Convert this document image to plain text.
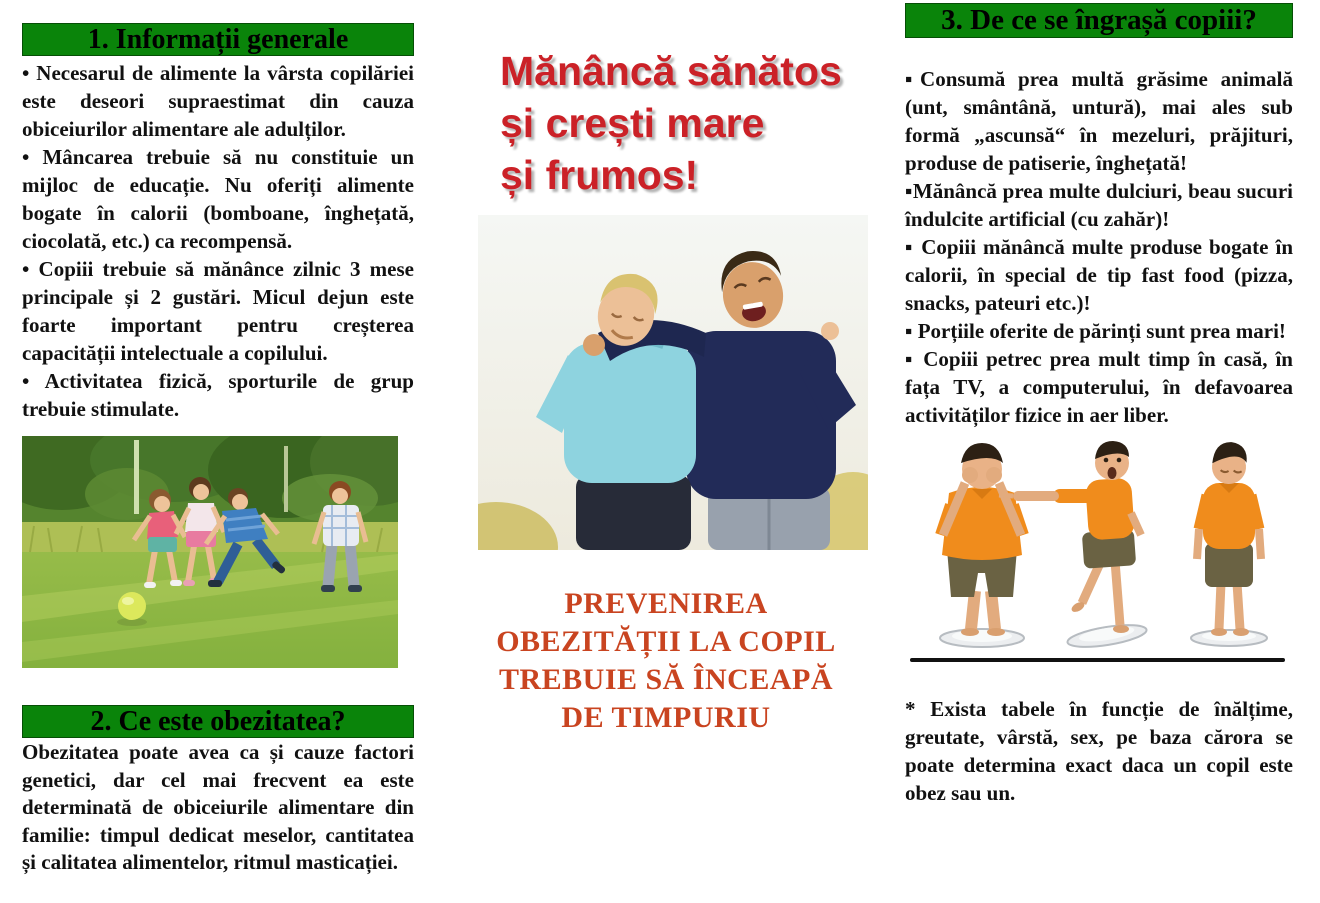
1. Informații generale

• Necesarul de alimente la vârsta copilăriei este deseori supraestimat din cauza obiceiurilor alimentare ale adulților.

• Mâncarea trebuie să nu constituie un mijloc de educație. Nu oferiți alimente bogate în calorii (bomboane, înghețată, ciocolată, etc.) ca recompensă.

• Copiii trebuie să mănânce zilnic 3 mese principale și 2 gustări. Micul dejun este foarte important pentru creșterea capacității intelectuale a copilului.

• Activitatea fizică, sporturile de grup trebuie stimulate.

2. Ce este obezitatea?

Obezitatea poate avea ca și cauze factori genetici, dar cel mai frecvent ea este determinată de obiceiurile alimentare din familie: timpul dedicat meselor, cantitatea și calitatea alimentelor, ritmul masticației.

Mănâncă sănătos
și crești mare
și frumos!
PREVENIREA
OBEZITĂȚII LA COPIL
TREBUIE SĂ ÎNCEAPĂ
DE TIMPURIU
3. De ce se îngrașă copiii?

▪Consumă prea multă grăsime animală (unt, smântână, untură), mai ales sub formă „ascunsă“ în mezeluri, prăjituri, produse de patiserie, înghețată!

▪Mănâncă prea multe dulciuri, beau sucuri îndulcite artificial (cu zahăr)!

▪ Copiii mănâncă multe produse bogate în calorii, în special de tip fast food (pizza, snacks, pateuri etc.)!

▪ Porțiile oferite de părinți sunt prea mari!

▪ Copiii petrec prea mult timp în casă, în fața TV, a computerului, în defavoarea activităților fizice in aer liber.

* Exista tabele în funcție de înălțime, greutate, vârstă, sex, pe baza cărora se poate determina exact daca un copil este obez sau un.
